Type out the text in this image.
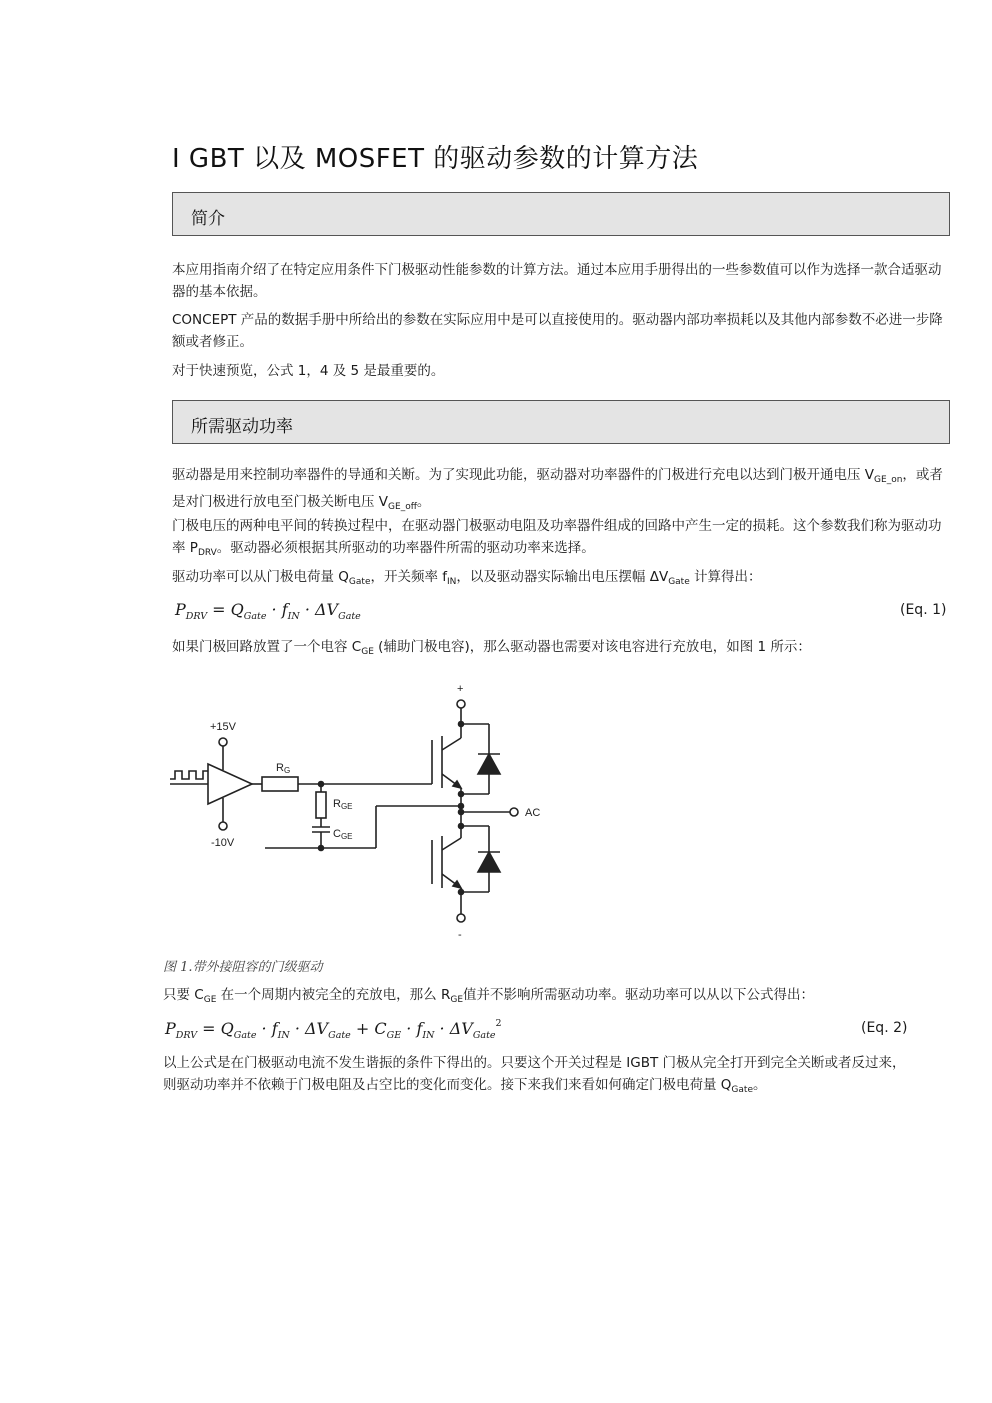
I GBT 以及 MOSFET 的驱动参数的计算方法
简介
本应用指南介绍了在特定应用条件下门极驱动性能参数的计算方法。通过本应用手册得出的一些参数值可以作为选择一款合适驱动器的基本依据。
CONCEPT 产品的数据手册中所给出的参数在实际应用中是可以直接使用的。驱动器内部功率损耗以及其他内部参数不必进一步降额或者修正。
对于快速预览，公式 1，4 及 5 是最重要的。
所需驱动功率
驱动器是用来控制功率器件的导通和关断。为了实现此功能，驱动器对功率器件的门极进行充电以达到门极开通电压 $V_{GE\_on}$，或者是对门极进行放电至门极关断电压 $V_{GE\_off}$。
门极电压的两种电平间的转换过程中，在驱动器门极驱动电阻及功率器件组成的回路中产生一定的损耗。这个参数我们称为驱动功率 $P_{DRV}$。驱动器必须根据其所驱动的功率器件所需的驱动功率来选择。
驱动功率可以从门极电荷量 $Q_{Gate}$，开关频率 $f_{IN}$，以及驱动器实际输出电压摆幅 $\Delta V_{Gate}$ 计算得出：
$P_{DRV} = Q_{Gate} \cdot f_{IN} \cdot \Delta V_{Gate}$	(Eq. 1)
如果门极回路放置了一个电容 $C_{GE}$ (辅助门极电容)，那么驱动器也需要对该电容进行充放电，如图 1 所示：
+15V
-10V
RG
RGE
CGE
+
AC
-
图 1.带外接阻容的门级驱动
只要 $C_{GE}$ 在一个周期内被完全的充放电，那么 $R_{GE}$值并不影响所需驱动功率。驱动功率可以从以下公式得出：
$P_{DRV} = Q_{Gate} \cdot f_{IN} \cdot \Delta V_{Gate} + C_{GE} \cdot f_{IN} \cdot \Delta V_{Gate}^2$	(Eq. 2)
以上公式是在门极驱动电流不发生谐振的条件下得出的。只要这个开关过程是 IGBT 门极从完全打开到完全关断或者反过来，则驱动功率并不依赖于门极电阻及占空比的变化而变化。接下来我们来看如何确定门极电荷量 $Q_{Gate}$。
